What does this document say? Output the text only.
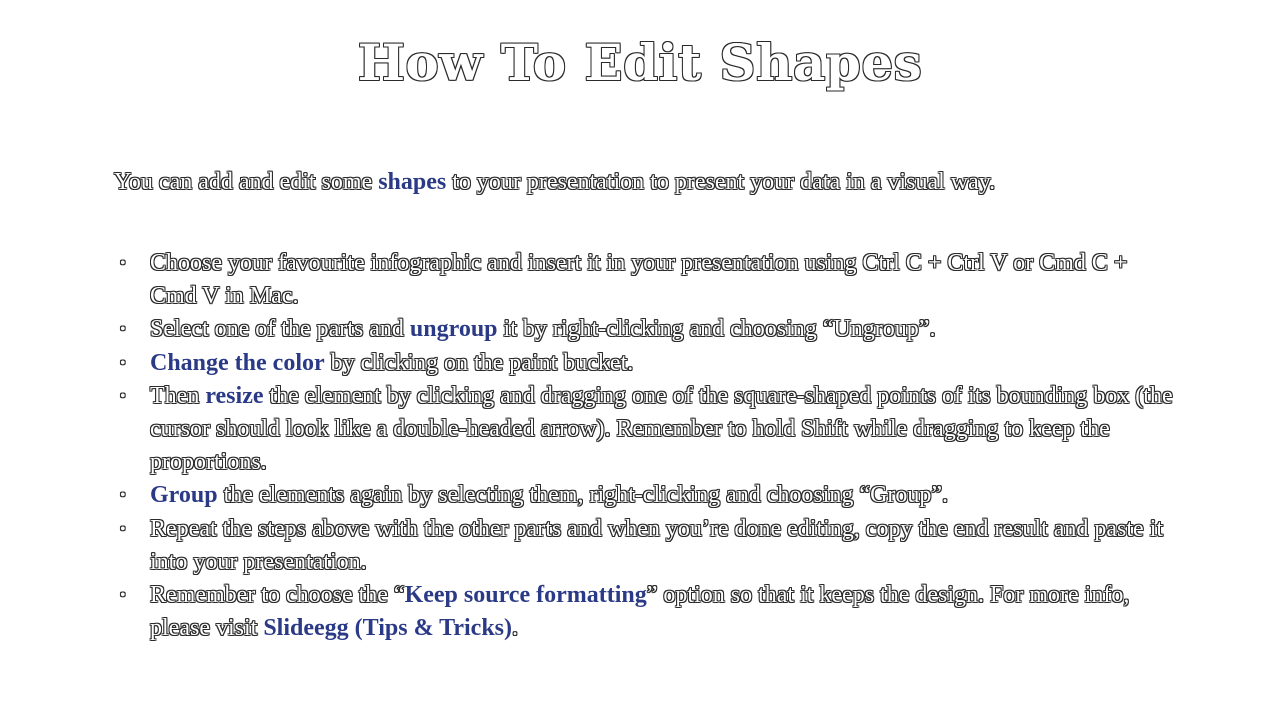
How To Edit Shapes

You can add and edit some shapes to your presentation to present your data in a visual way.

• Choose your favourite infographic and insert it in your presentation using Ctrl C + Ctrl V or Cmd C + Cmd V in Mac.
• Select one of the parts and ungroup it by right-clicking and choosing “Ungroup”.
• Change the color by clicking on the paint bucket.
• Then resize the element by clicking and dragging one of the square-shaped points of its bounding box (the cursor should look like a double-headed arrow). Remember to hold Shift while dragging to keep the proportions.
• Group the elements again by selecting them, right-clicking and choosing “Group”.
• Repeat the steps above with the other parts and when you’re done editing, copy the end result and paste it into your presentation.
• Remember to choose the “Keep source formatting” option so that it keeps the design. For more info, please visit Slideegg (Tips & Tricks).
